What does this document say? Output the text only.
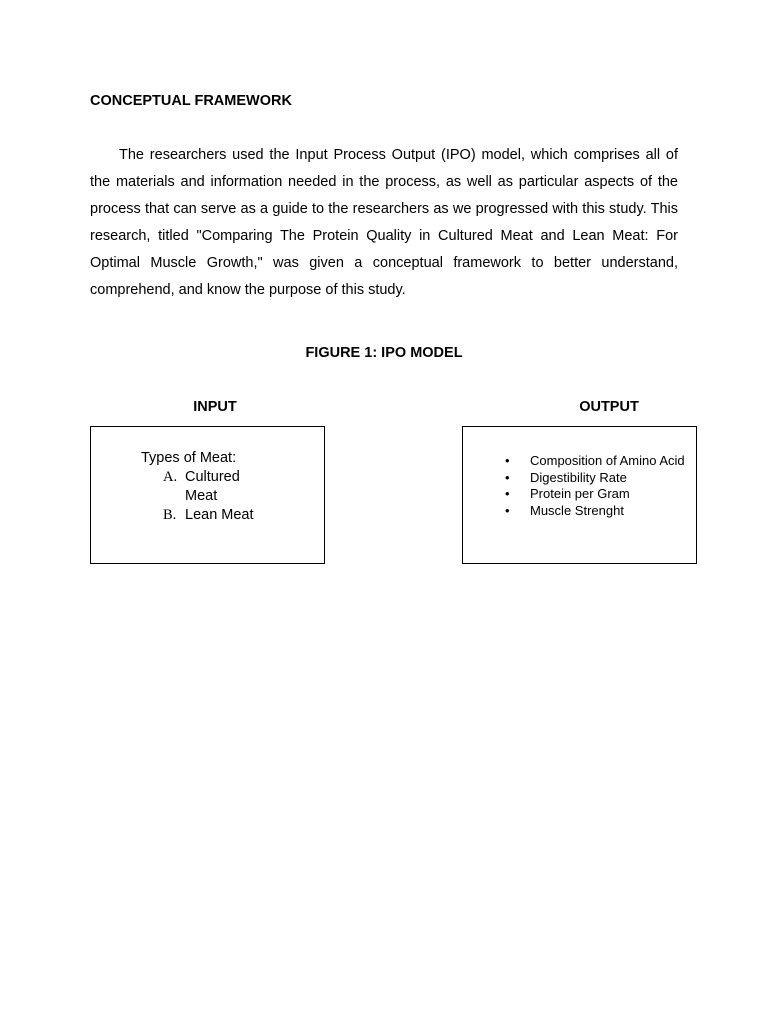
CONCEPTUAL FRAMEWORK

The researchers used the Input Process Output (IPO) model, which comprises all of the materials and information needed in the process, as well as particular aspects of the process that can serve as a guide to the researchers as we progressed with this study. This research, titled "Comparing The Protein Quality in Cultured Meat and Lean Meat: For Optimal Muscle Growth," was given a conceptual framework to better understand, comprehend, and know the purpose of this study.

FIGURE 1: IPO MODEL
INPUT	OUTPUT
Types of Meat:
A. Cultured Meat
B. Lean Meat
•	Composition of Amino Acid
•	Digestibility Rate
•	Protein per Gram
•	Muscle Strenght
